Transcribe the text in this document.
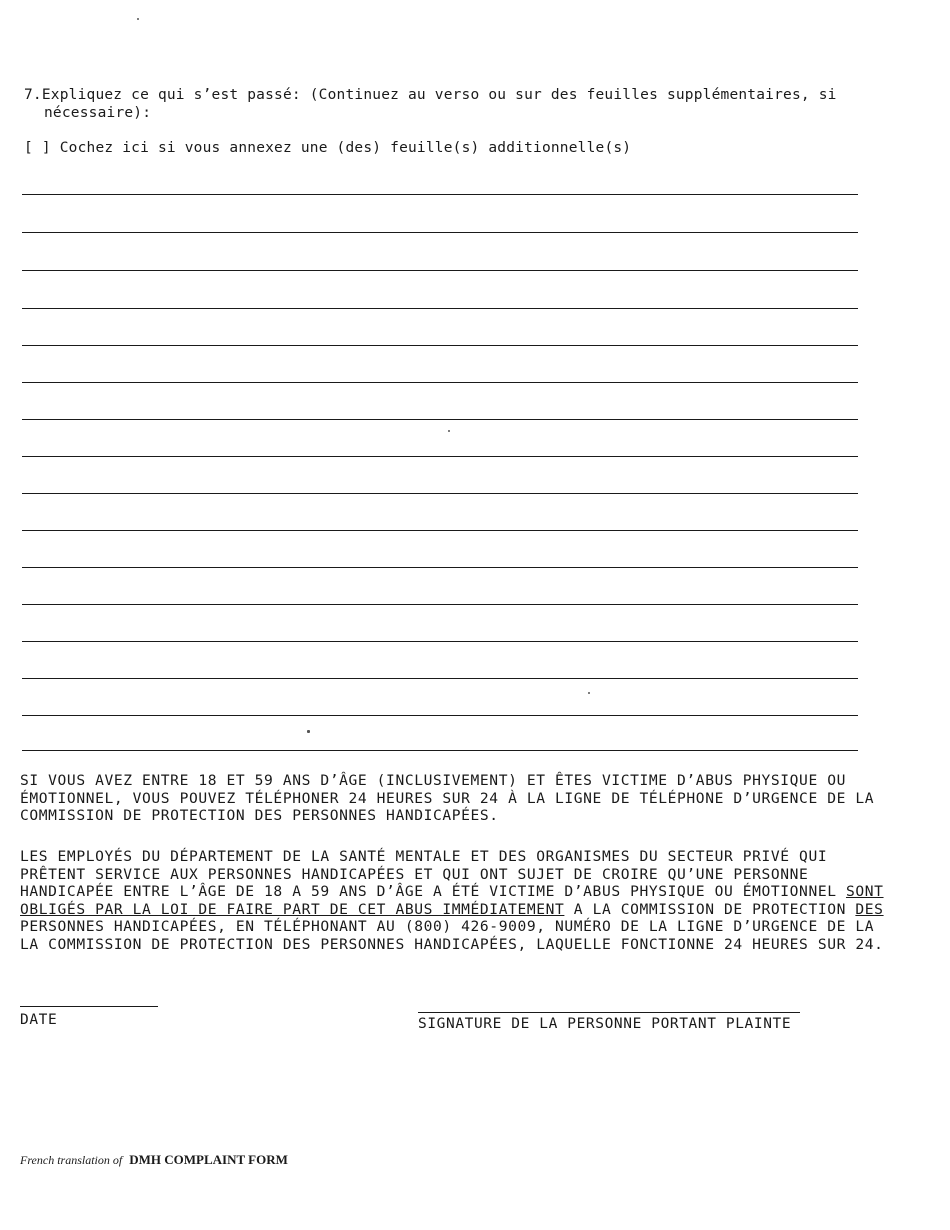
7.Expliquez ce qui s’est passé: (Continuez au verso ou sur des feuilles supplémentaires, si
nécessaire):
[ ] Cochez ici si vous annexez une (des) feuille(s) additionnelle(s)
SI VOUS AVEZ ENTRE 18 ET 59 ANS D’ÂGE (INCLUSIVEMENT) ET ÊTES VICTIME D’ABUS PHYSIQUE OU
ÉMOTIONNEL, VOUS POUVEZ TÉLÉPHONER 24 HEURES SUR 24 À LA LIGNE DE TÉLÉPHONE D’URGENCE DE LA
COMMISSION DE PROTECTION DES PERSONNES HANDICAPÉES.
LES EMPLOYÉS DU DÉPARTEMENT DE LA SANTÉ MENTALE ET DES ORGANISMES DU SECTEUR PRIVÉ QUI
PRÊTENT SERVICE AUX PERSONNES HANDICAPÉES ET QUI ONT SUJET DE CROIRE QU’UNE PERSONNE
HANDICAPÉE ENTRE L’ÂGE DE 18 A 59 ANS D’ÂGE A ÉTÉ VICTIME D’ABUS PHYSIQUE OU ÉMOTIONNEL SONT
OBLIGÉS PAR LA LOI DE FAIRE PART DE CET ABUS IMMÉDIATEMENT A LA COMMISSION DE PROTECTION DES
PERSONNES HANDICAPÉES, EN TÉLÉPHONANT AU (800) 426-9009, NUMÉRO DE LA LIGNE D’URGENCE DE LA
LA COMMISSION DE PROTECTION DES PERSONNES HANDICAPÉES, LAQUELLE FONCTIONNE 24 HEURES SUR 24.
DATE	SIGNATURE DE LA PERSONNE PORTANT PLAINTE
French translation of DMH COMPLAINT FORM
